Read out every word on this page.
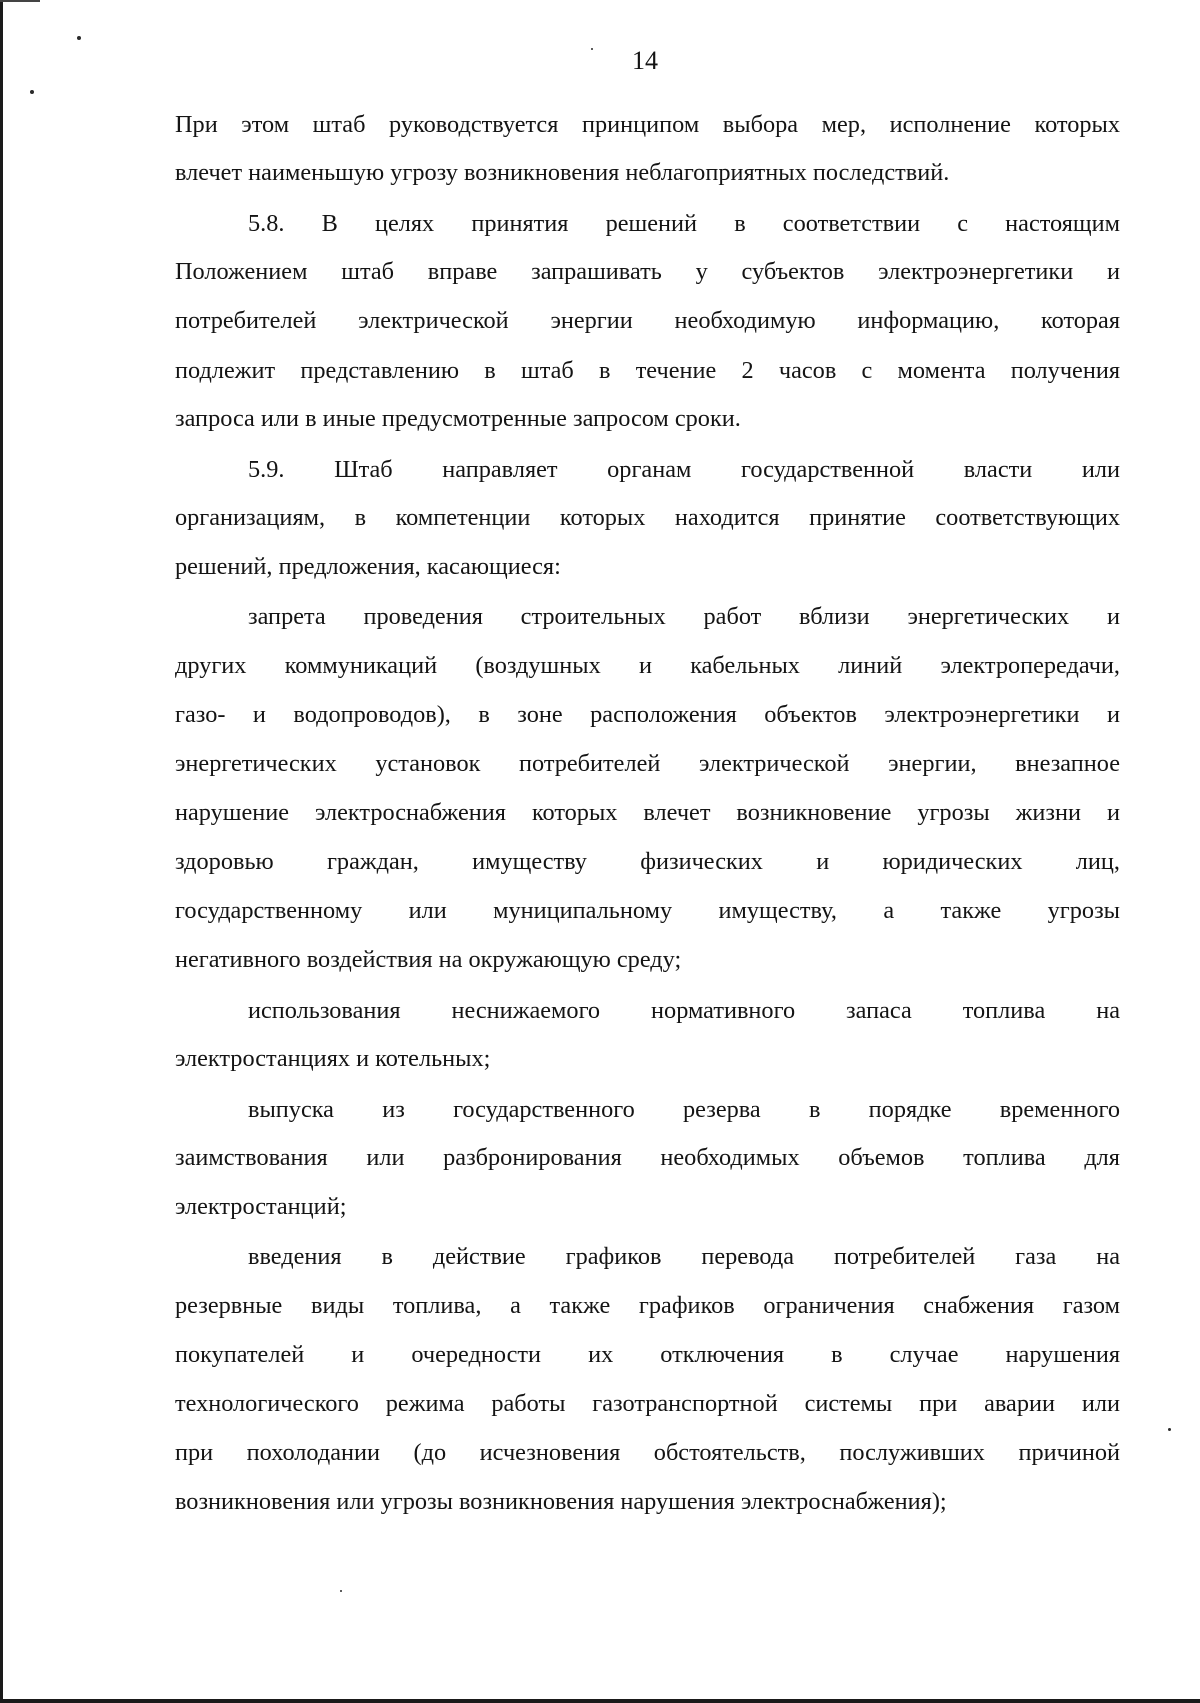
14
При этом штаб руководствуется принципом выбора мер, исполнение которых
влечет наименьшую угрозу возникновения неблагоприятных последствий.
5.8. В целях принятия решений в соответствии с настоящим
Положением штаб вправе запрашивать у субъектов электроэнергетики и
потребителей электрической энергии необходимую информацию, которая
подлежит представлению в штаб в течение 2 часов с момента получения
запроса или в иные предусмотренные запросом сроки.
5.9. Штаб направляет органам государственной власти или
организациям, в компетенции которых находится принятие соответствующих
решений, предложения, касающиеся:
запрета проведения строительных работ вблизи энергетических и
других коммуникаций (воздушных и кабельных линий электропередачи,
газо- и водопроводов), в зоне расположения объектов электроэнергетики и
энергетических установок потребителей электрической энергии, внезапное
нарушение электроснабжения которых влечет возникновение угрозы жизни и
здоровью граждан, имуществу физических и юридических лиц,
государственному или муниципальному имуществу, а также угрозы
негативного воздействия на окружающую среду;
использования неснижаемого нормативного запаса топлива на
электростанциях и котельных;
выпуска из государственного резерва в порядке временного
заимствования или разбронирования необходимых объемов топлива для
электростанций;
введения в действие графиков перевода потребителей газа на
резервные виды топлива, а также графиков ограничения снабжения газом
покупателей и очередности их отключения в случае нарушения
технологического режима работы газотранспортной системы при аварии или
при похолодании (до исчезновения обстоятельств, послуживших причиной
возникновения или угрозы возникновения нарушения электроснабжения);
